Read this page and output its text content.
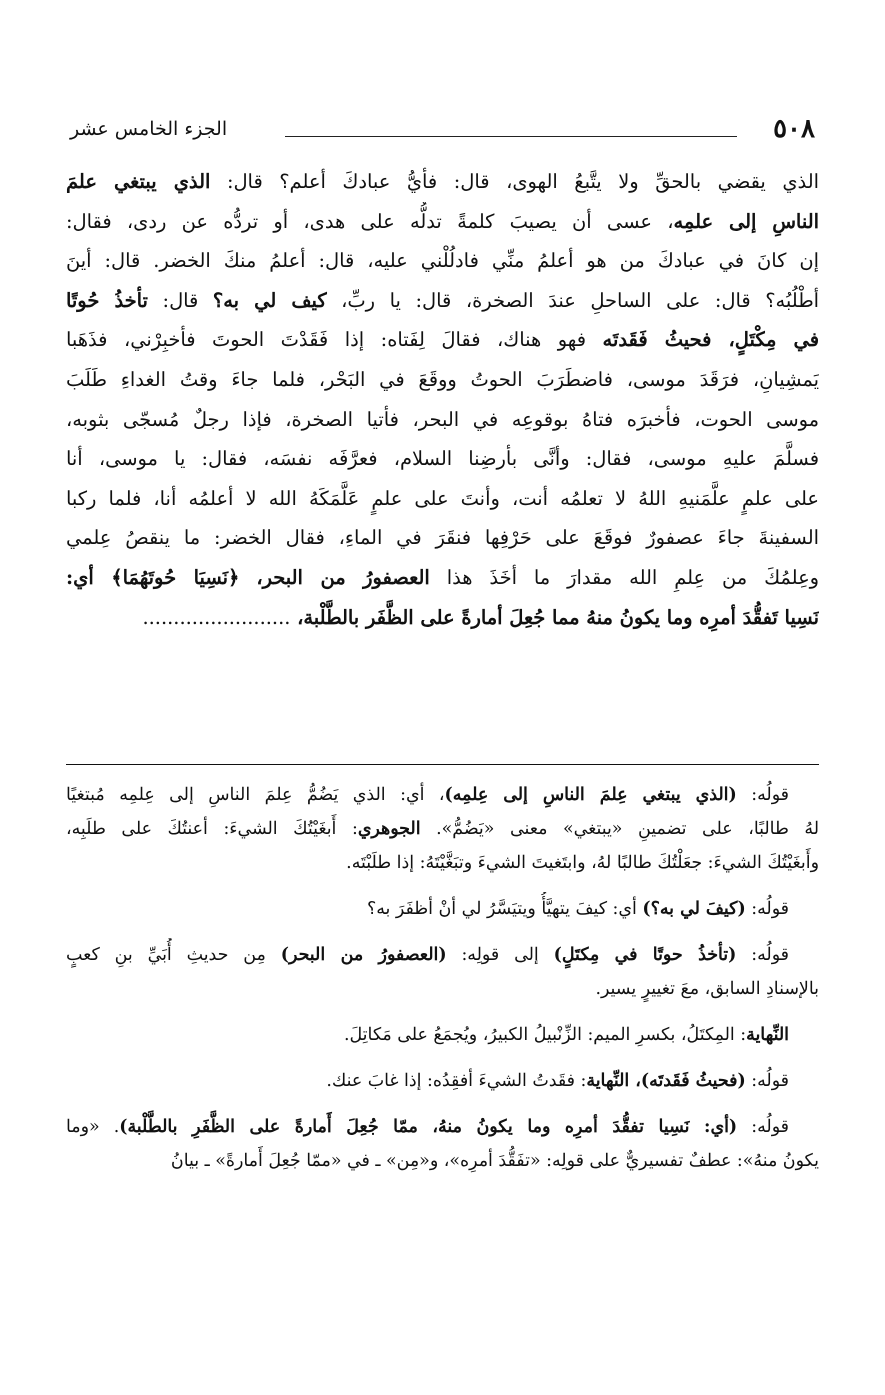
٥٠٨
الجزء الخامس عشر
الذي يقضي بالحقِّ ولا يتَّبعُ الهوى، قال: فأيُّ عبادكَ أعلم؟ قال: الذي يبتغي علمَ
الناسِ إلى علمِه، عسى أن يصيبَ كلمةً تدلُّه على هدى، أو تردُّه عن ردى، فقال:
إن كانَ في عبادكَ من هو أعلمُ منِّي فادلُلْني عليه، قال: أعلمُ منكَ الخضر. قال: أينَ
أطْلُبُه؟ قال: على الساحلِ عندَ الصخرة، قال: يا ربِّ، كيف لي به؟ قال: تأخذُ حُوتًا
في مِكْتَلٍ، فحيثُ فَقَدتَه فهو هناك، فقالَ لِفَتاه: إذا فَقَدْتَ الحوتَ فأخبِرْني، فذَهَبا
يَمشِيانِ، فرَقَدَ موسى، فاضطَرَبَ الحوتُ ووقَعَ في البَحْر، فلما جاءَ وقتُ الغداءِ طَلَبَ
موسى الحوت، فأخبرَه فتاهُ بوقوعِه في البحر، فأتيا الصخرة، فإذا رجلٌ مُسجّى بثوبه،
فسلَّمَ عليهِ موسى، فقال: وأنَّى بأرضِنا السلام، فعرَّفَه نفسَه، فقال: يا موسى، أنا
على علمٍ علَّمَنيهِ اللهُ لا تعلمُه أنت، وأنتَ على علمٍ عَلَّمَكَهُ الله لا أعلمُه أنا، فلما ركبا
السفينةَ جاءَ عصفورٌ فوقَعَ على حَرْفِها فنقَرَ في الماءِ، فقال الخضر: ما ينقصُ عِلمي
وعِلمُكَ من عِلمِ الله مقدارَ ما أخَذَ هذا العصفورُ من البحر، ﴿نَسِيَا حُوتَهُمَا﴾ أي:
نَسِيا تَفقُّدَ أمرِه وما يكونُ منهُ مما جُعِلَ أمارةً على الظَّفَر بالطَّلْبة، ........................
قولُه: (الذي يبتغي عِلمَ الناسِ إلى عِلمِه)، أي: الذي يَضُمُّ عِلمَ الناسِ إلى عِلمِه مُبتغيًا
لهُ طالبًا، على تضمينِ «يبتغي» معنى «يَضُمُّ». الجوهري: أَبغَيْتُكَ الشيءَ: أعنتُكَ على طلَبِه،
وأَبغَيْتُكَ الشيءَ: جعَلْتُكَ طالبًا لهُ، وابتَغيتَ الشيءَ وتبَغَّيْتَهُ: إذا طلَبْتَه.
قولُه: (كيفَ لي به؟) أي: كيفَ يتهيَّأُ ويتيَسَّرُ لي أنْ أظفَرَ به؟
قولُه: (تأخذُ حوتًا في مِكتَلٍ) إلى قولِه: (العصفورُ من البحر) مِن حديثِ أُبَيِّ بنِ كعبٍ
بالإسنادِ السابق، معَ تغييرٍ يسير.
النِّهاية: المِكتَلُ، بكسرِ الميم: الزِّنْبيلُ الكبيرُ، ويُجمَعُ على مَكاتِلَ.
قولُه: (فحيثُ فَقَدتَه)، النِّهاية: فقَدتُ الشيءَ أفقِدُه: إذا غابَ عنك.
قولُه: (أي: نَسِيا تفقُّدَ أمرِه وما يكونُ منهُ، ممّا جُعِلَ أَمارةً على الظَّفَرِ بالطَّلْبة). «وما
يكونُ منهُ»: عطفٌ تفسيريٌّ على قولِه: «تفَقُّدَ أمرِه»، و«مِن» ـ في «ممّا جُعِلَ أَمارةً» ـ بيانُ
